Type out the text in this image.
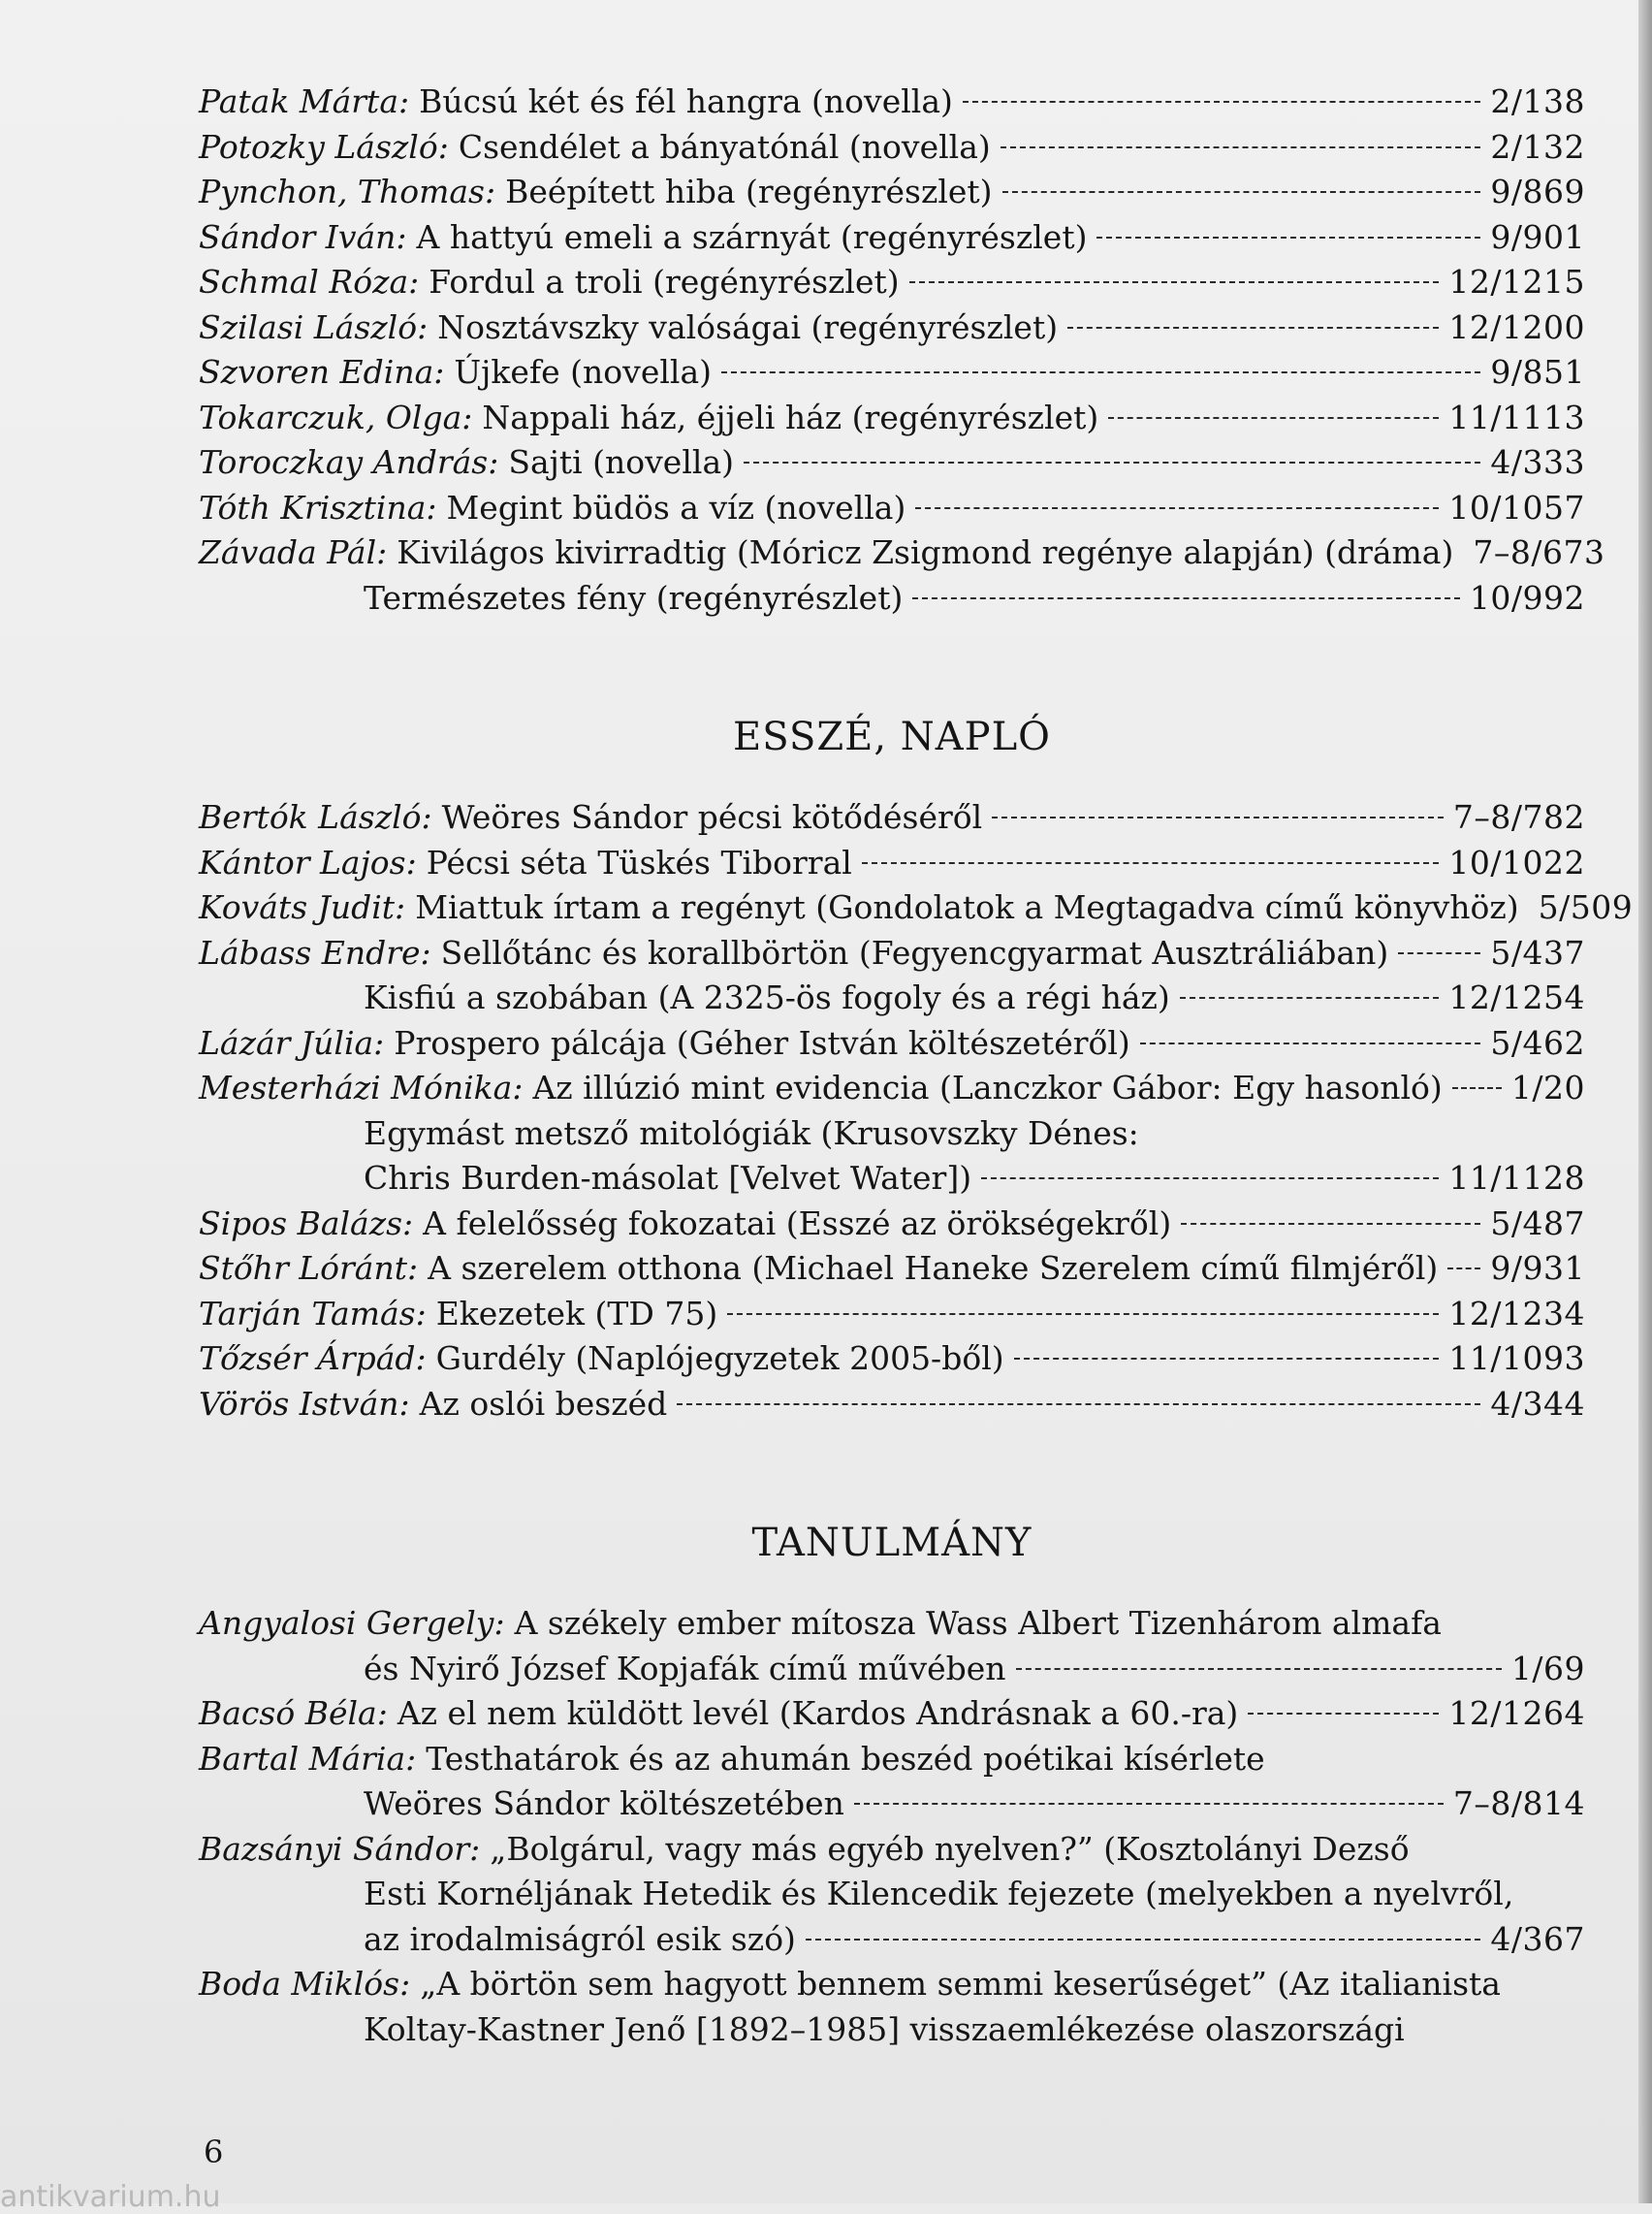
Patak Márta: Búcsú két és fél hangra (novella)	2/138
Potozky László: Csendélet a bányatónál (novella)	2/132
Pynchon, Thomas: Beépített hiba (regényrészlet)	9/869
Sándor Iván: A hattyú emeli a szárnyát (regényrészlet)	9/901
Schmal Róza: Fordul a troli (regényrészlet)	12/1215
Szilasi László: Nosztávszky valóságai (regényrészlet)	12/1200
Szvoren Edina: Újkefe (novella)	9/851
Tokarczuk, Olga: Nappali ház, éjjeli ház (regényrészlet)	11/1113
Toroczkay András: Sajti (novella)	4/333
Tóth Krisztina: Megint büdös a víz (novella)	10/1057
Závada Pál: Kivilágos kivirradtig (Móricz Zsigmond regénye alapján) (dráma) 7–8/673
Természetes fény (regényrészlet)	10/992
ESSZÉ, NAPLÓ
Bertók László: Weöres Sándor pécsi kötődéséről	7–8/782
Kántor Lajos: Pécsi séta Tüskés Tiborral	10/1022
Kováts Judit: Miattuk írtam a regényt (Gondolatok a Megtagadva című könyvhöz) 5/509
Lábass Endre: Sellőtánc és korallbörtön (Fegyencgyarmat Ausztráliában)	5/437
Kisfiú a szobában (A 2325-ös fogoly és a régi ház)	12/1254
Lázár Júlia: Prospero pálcája (Géher István költészetéről)	5/462
Mesterházi Mónika: Az illúzió mint evidencia (Lanczkor Gábor: Egy hasonló) 1/20
Egymást metsző mitológiák (Krusovszky Dénes:
Chris Burden-másolat [Velvet Water])	11/1128
Sipos Balázs: A felelősség fokozatai (Esszé az örökségekről)	5/487
Stőhr Lóránt: A szerelem otthona (Michael Haneke Szerelem című filmjéről) 9/931
Tarján Tamás: Ekezetek (TD 75)	12/1234
Tőzsér Árpád: Gurdély (Naplójegyzetek 2005-ből)	11/1093
Vörös István: Az oslói beszéd	4/344
TANULMÁNY
Angyalosi Gergely: A székely ember mítosza Wass Albert Tizenhárom almafa
és Nyirő József Kopjafák című művében	1/69
Bacsó Béla: Az el nem küldött levél (Kardos Andrásnak a 60.-ra)	12/1264
Bartal Mária: Testhatárok és az ahumán beszéd poétikai kísérlete
Weöres Sándor költészetében	7–8/814
Bazsányi Sándor: „Bolgárul, vagy más egyéb nyelven?” (Kosztolányi Dezső
Esti Kornéljának Hetedik és Kilencedik fejezete (melyekben a nyelvről,
az irodalmiságról esik szó)	4/367
Boda Miklós: „A börtön sem hagyott bennem semmi keserűséget” (Az italianista
Koltay-Kastner Jenő [1892–1985] visszaemlékezése olaszországi
6
antikvarium.hu
